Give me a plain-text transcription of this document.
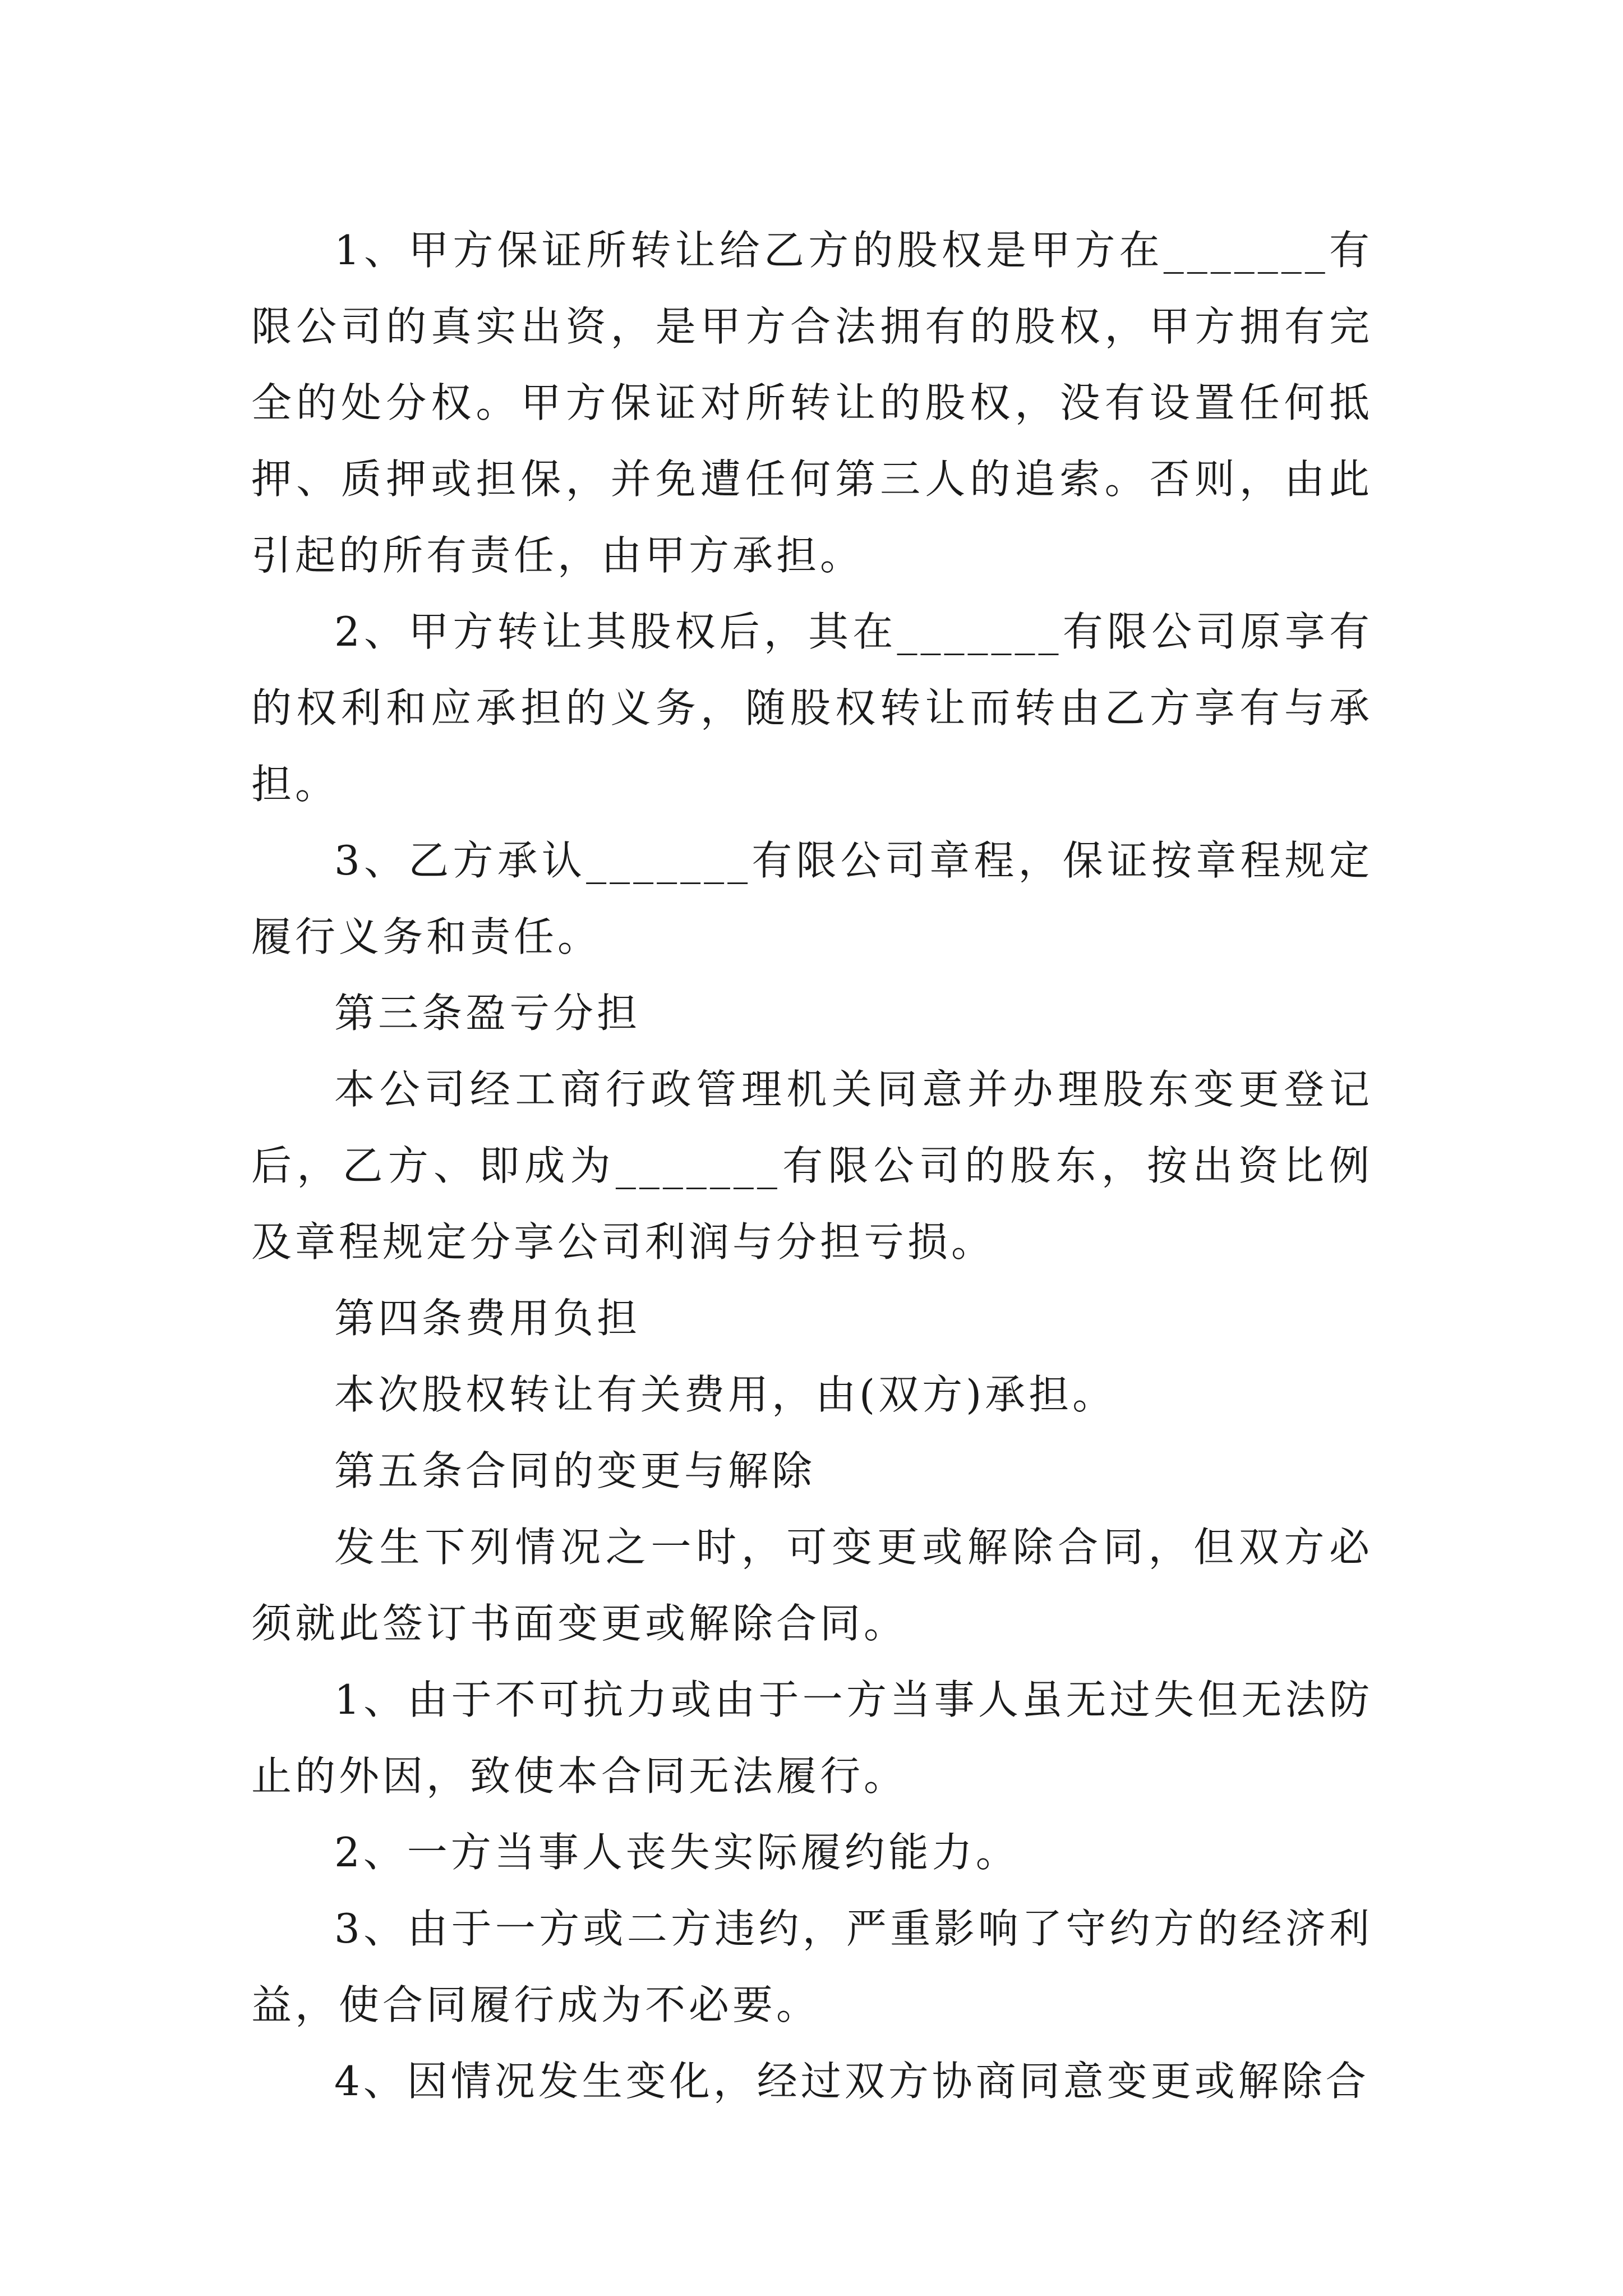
1、甲方保证所转让给乙方的股权是甲方在_______有限公司的真实出资，是甲方合法拥有的股权，甲方拥有完全的处分权。甲方保证对所转让的股权，没有设置任何抵押、质押或担保，并免遭任何第三人的追索。否则，由此引起的所有责任，由甲方承担。

2、甲方转让其股权后，其在_______有限公司原享有的权利和应承担的义务，随股权转让而转由乙方享有与承担。

3、乙方承认_______有限公司章程，保证按章程规定履行义务和责任。

第三条盈亏分担

本公司经工商行政管理机关同意并办理股东变更登记后，乙方、即成为_______有限公司的股东，按出资比例及章程规定分享公司利润与分担亏损。

第四条费用负担

本次股权转让有关费用，由(双方)承担。

第五条合同的变更与解除

发生下列情况之一时，可变更或解除合同，但双方必须就此签订书面变更或解除合同。

1、由于不可抗力或由于一方当事人虽无过失但无法防止的外因，致使本合同无法履行。

2、一方当事人丧失实际履约能力。

3、由于一方或二方违约，严重影响了守约方的经济利益，使合同履行成为不必要。

4、因情况发生变化，经过双方协商同意变更或解除合
